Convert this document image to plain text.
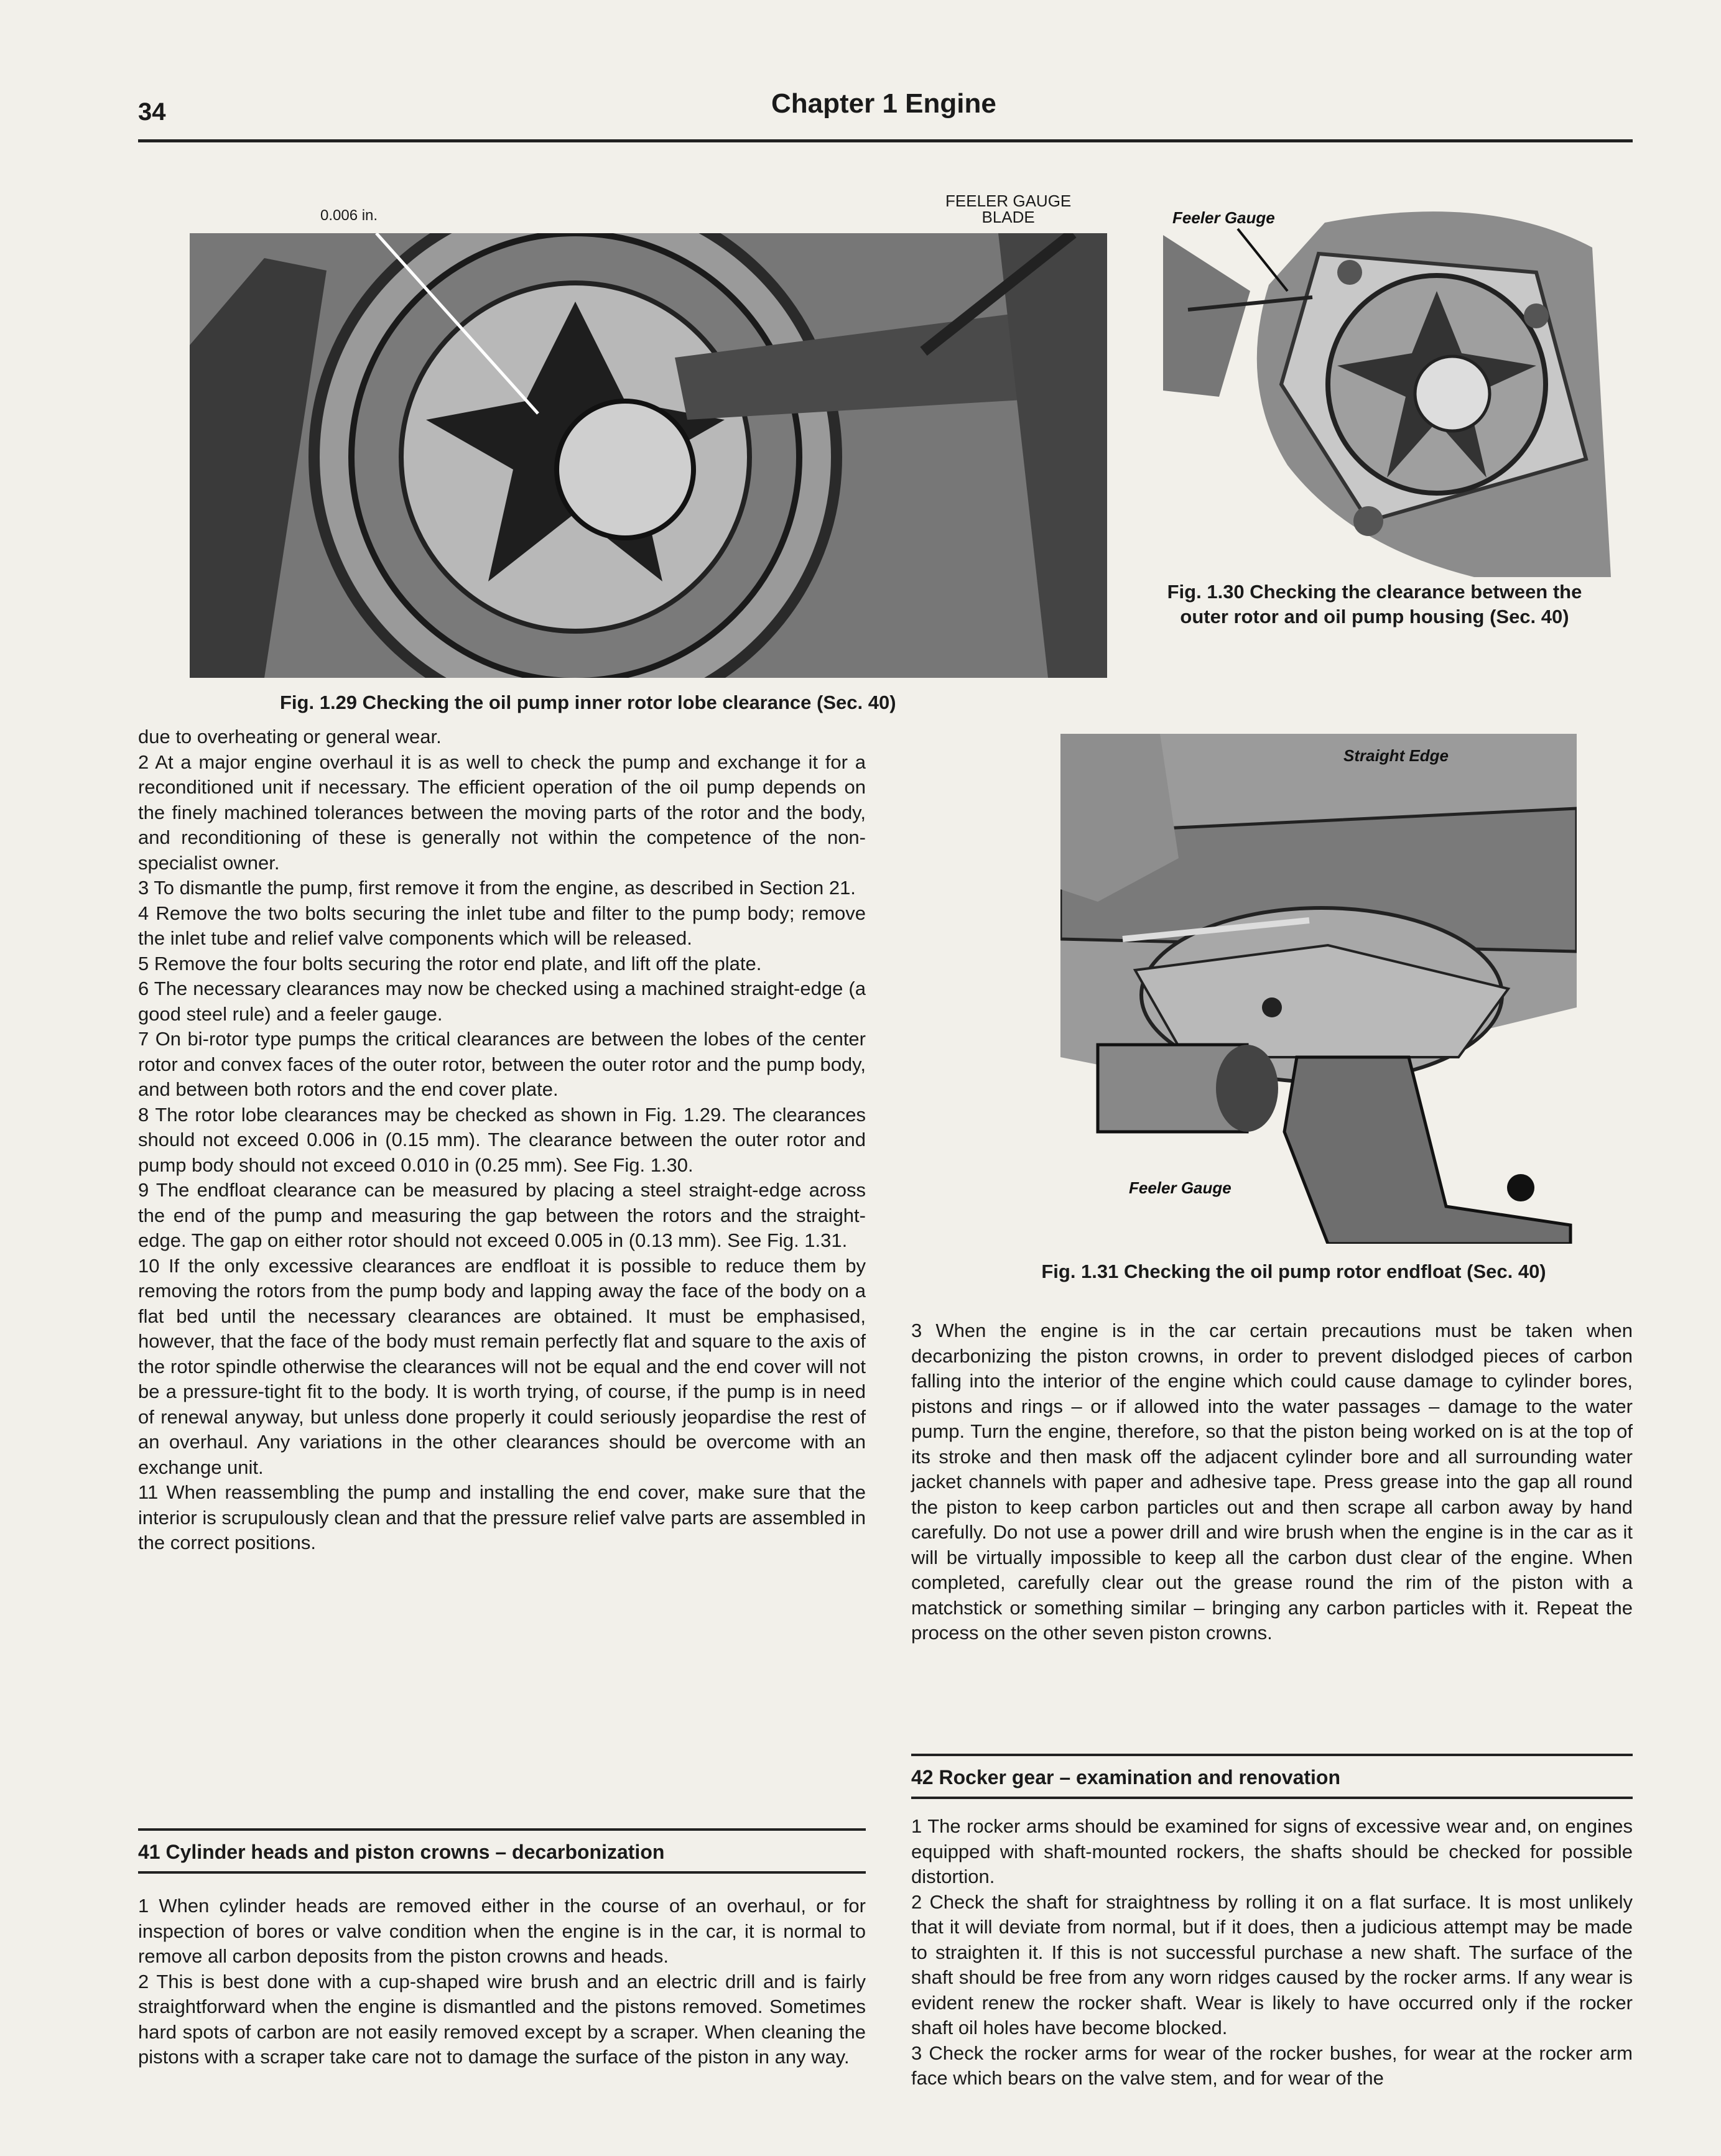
34	Chapter 1 Engine
0.006 in.
FEELER GAUGE
BLADE
Fig. 1.29 Checking the oil pump inner rotor lobe clearance (Sec. 40)
Feeler Gauge
Fig. 1.30 Checking the clearance between the outer rotor and oil pump housing (Sec. 40)
Straight Edge
Feeler Gauge
Fig. 1.31 Checking the oil pump rotor endfloat (Sec. 40)

due to overheating or general wear.

2 At a major engine overhaul it is as well to check the pump and exchange it for a reconditioned unit if necessary. The efficient operation of the oil pump depends on the finely machined tolerances between the moving parts of the rotor and the body, and reconditioning of these is generally not within the competence of the non-specialist owner.

3 To dismantle the pump, first remove it from the engine, as described in Section 21.

4 Remove the two bolts securing the inlet tube and filter to the pump body; remove the inlet tube and relief valve components which will be released.

5 Remove the four bolts securing the rotor end plate, and lift off the plate.

6 The necessary clearances may now be checked using a machined straight-edge (a good steel rule) and a feeler gauge.

7 On bi-rotor type pumps the critical clearances are between the lobes of the center rotor and convex faces of the outer rotor, between the outer rotor and the pump body, and between both rotors and the end cover plate.

8 The rotor lobe clearances may be checked as shown in Fig. 1.29. The clearances should not exceed 0.006 in (0.15 mm). The clearance between the outer rotor and pump body should not exceed 0.010 in (0.25 mm). See Fig. 1.30.

9 The endfloat clearance can be measured by placing a steel straight-edge across the end of the pump and measuring the gap between the rotors and the straight-edge. The gap on either rotor should not exceed 0.005 in (0.13 mm). See Fig. 1.31.

10 If the only excessive clearances are endfloat it is possible to reduce them by removing the rotors from the pump body and lapping away the face of the body on a flat bed until the necessary clearances are obtained. It must be emphasised, however, that the face of the body must remain perfectly flat and square to the axis of the rotor spindle otherwise the clearances will not be equal and the end cover will not be a pressure-tight fit to the body. It is worth trying, of course, if the pump is in need of renewal anyway, but unless done properly it could seriously jeopardise the rest of an overhaul. Any variations in the other clearances should be overcome with an exchange unit.

11 When reassembling the pump and installing the end cover, make sure that the interior is scrupulously clean and that the pressure relief valve parts are assembled in the correct positions.

41 Cylinder heads and piston crowns – decarbonization

1 When cylinder heads are removed either in the course of an overhaul, or for inspection of bores or valve condition when the engine is in the car, it is normal to remove all carbon deposits from the piston crowns and heads.

2 This is best done with a cup-shaped wire brush and an electric drill and is fairly straightforward when the engine is dismantled and the pistons removed. Sometimes hard spots of carbon are not easily removed except by a scraper. When cleaning the pistons with a scraper take care not to damage the surface of the piston in any way.

3 When the engine is in the car certain precautions must be taken when decarbonizing the piston crowns, in order to prevent dislodged pieces of carbon falling into the interior of the engine which could cause damage to cylinder bores, pistons and rings – or if allowed into the water passages – damage to the water pump. Turn the engine, therefore, so that the piston being worked on is at the top of its stroke and then mask off the adjacent cylinder bore and all surrounding water jacket channels with paper and adhesive tape. Press grease into the gap all round the piston to keep carbon particles out and then scrape all carbon away by hand carefully. Do not use a power drill and wire brush when the engine is in the car as it will be virtually impossible to keep all the carbon dust clear of the engine. When completed, carefully clear out the grease round the rim of the piston with a matchstick or something similar – bringing any carbon particles with it. Repeat the process on the other seven piston crowns.

42 Rocker gear – examination and renovation

1 The rocker arms should be examined for signs of excessive wear and, on engines equipped with shaft-mounted rockers, the shafts should be checked for possible distortion.

2 Check the shaft for straightness by rolling it on a flat surface. It is most unlikely that it will deviate from normal, but if it does, then a judicious attempt may be made to straighten it. If this is not successful purchase a new shaft. The surface of the shaft should be free from any worn ridges caused by the rocker arms. If any wear is evident renew the rocker shaft. Wear is likely to have occurred only if the rocker shaft oil holes have become blocked.

3 Check the rocker arms for wear of the rocker bushes, for wear at the rocker arm face which bears on the valve stem, and for wear of the
